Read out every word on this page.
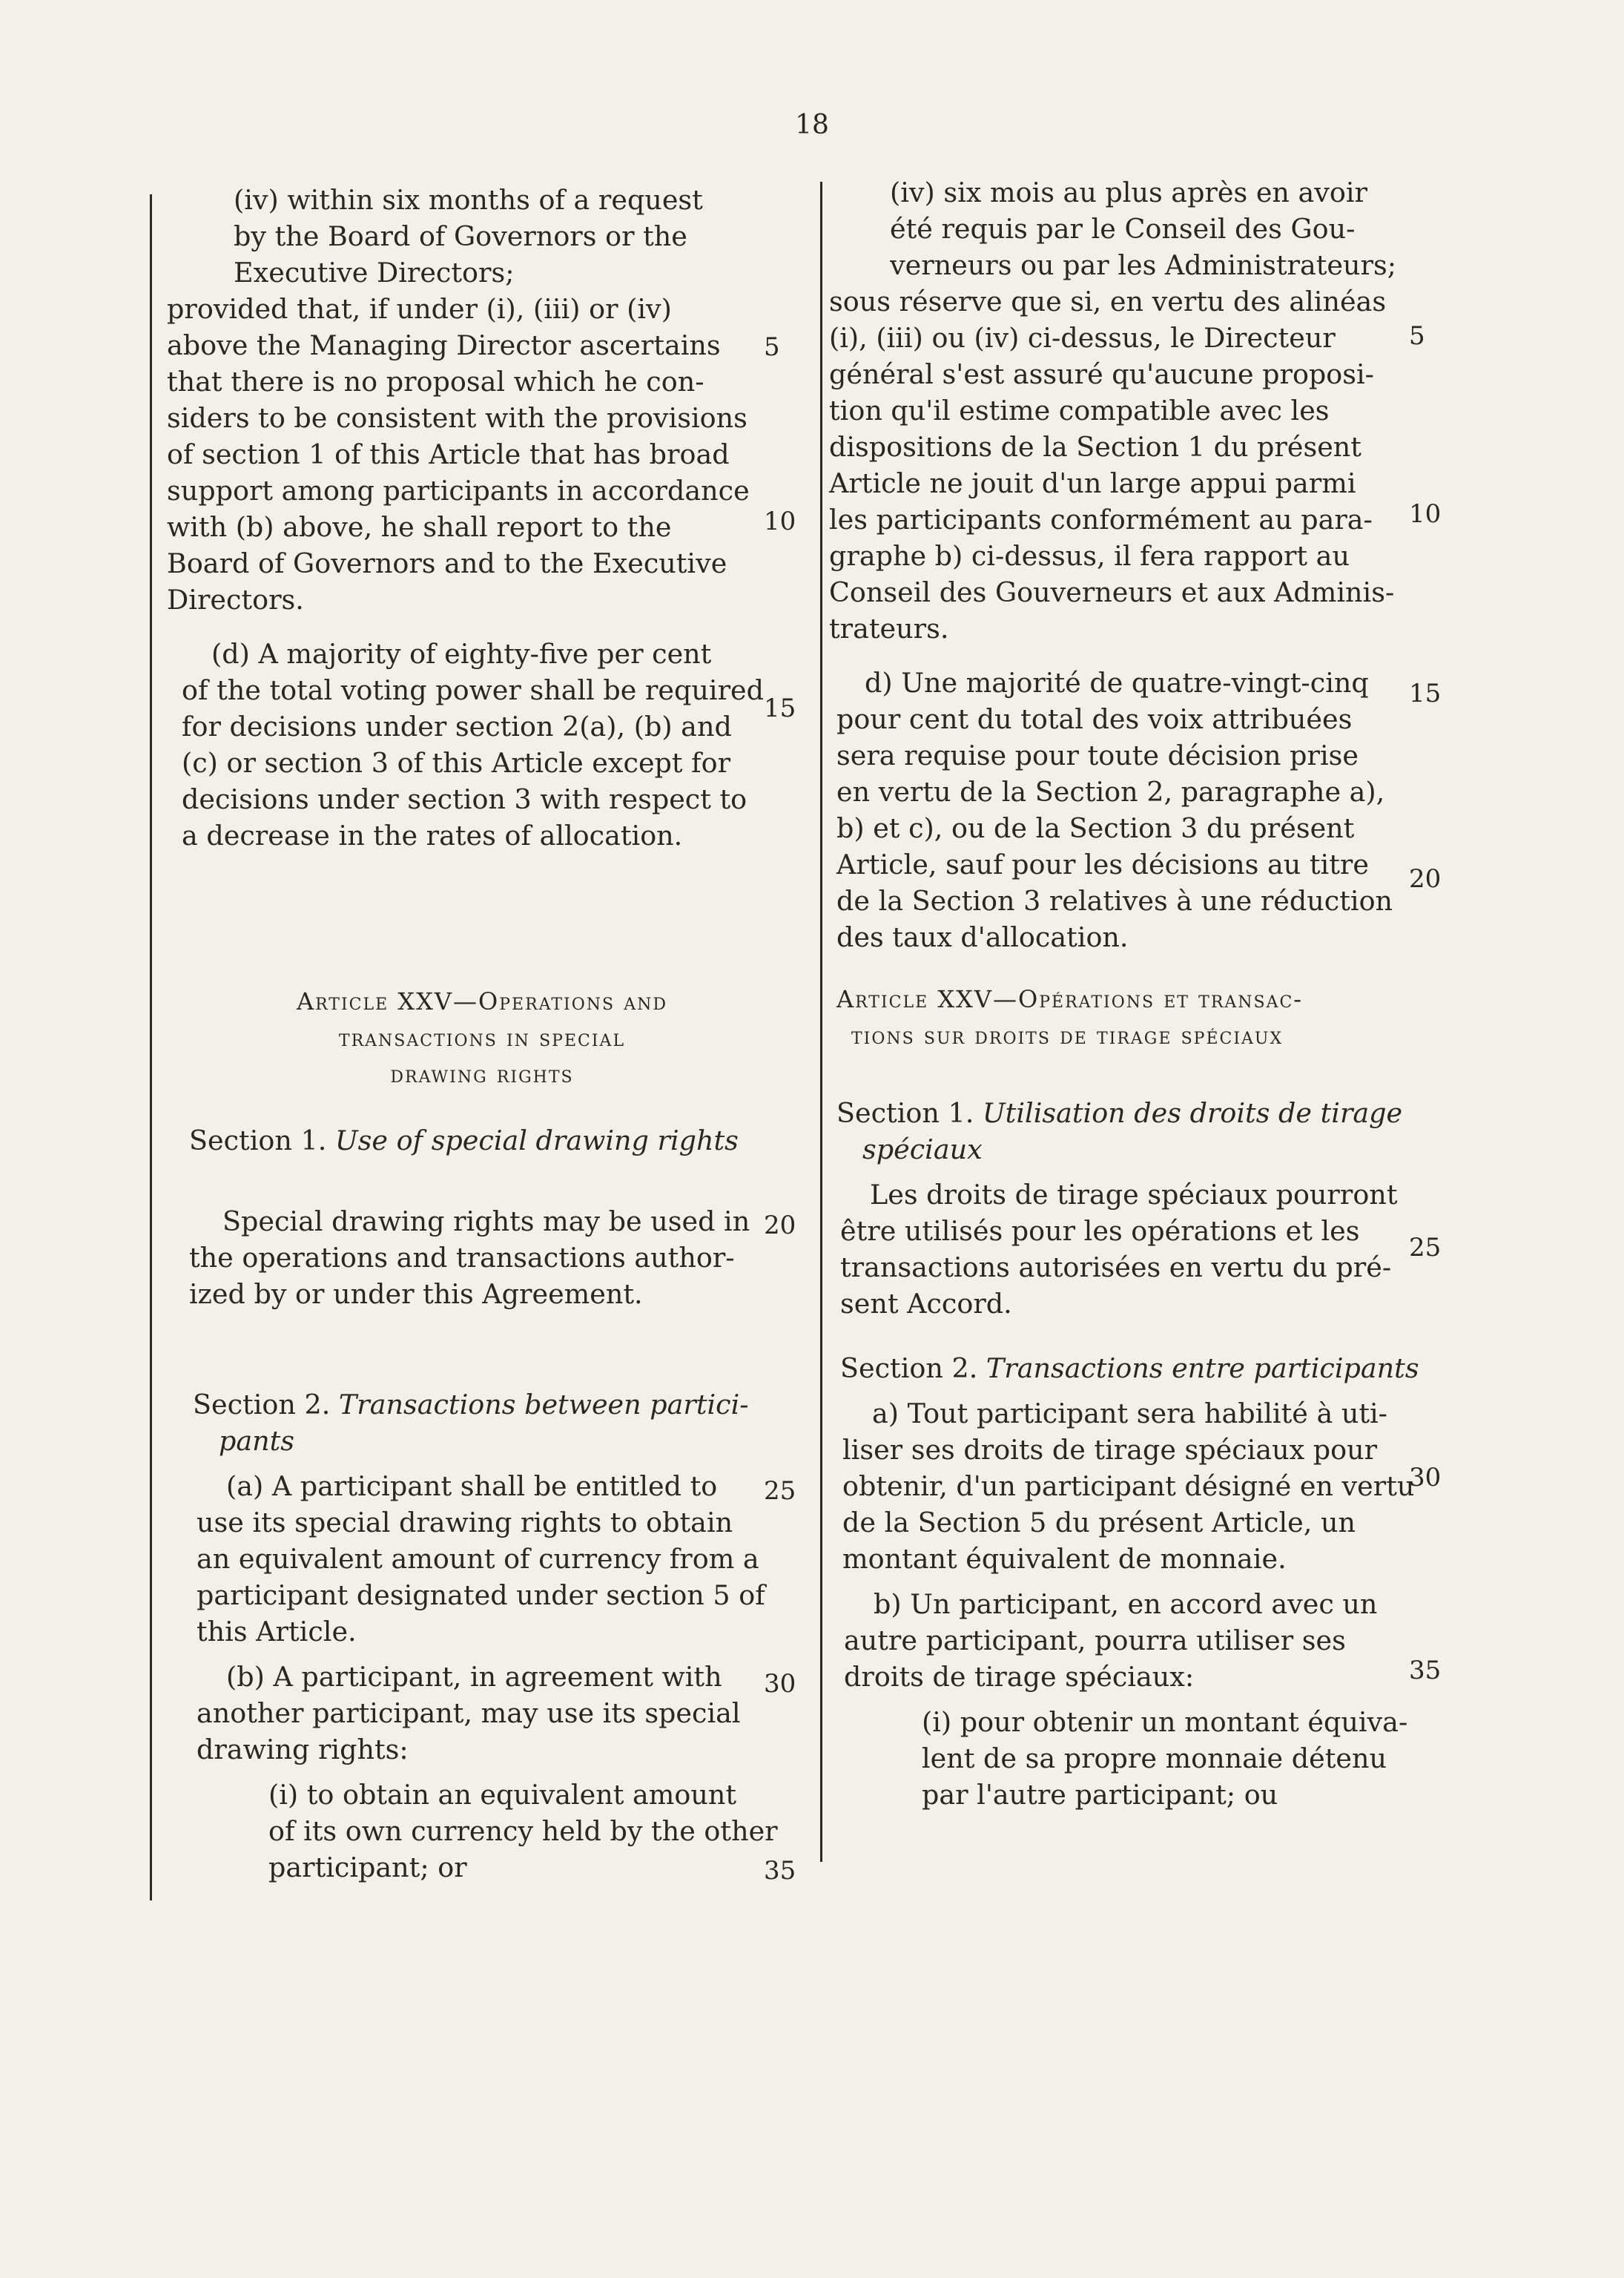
18

(iv) within six months of a request

by the Board of Governors or the

Executive Directors;

provided that, if under (i), (iii) or (iv)

above the Managing Director ascertains

that there is no proposal which he con-

siders to be consistent with the provisions

of section 1 of this Article that has broad

support among participants in accordance

with (b) above, he shall report to the

Board of Governors and to the Executive

Directors.

(d) A majority of eighty-five per cent

of the total voting power shall be required

for decisions under section 2(a), (b) and

(c) or section 3 of this Article except for

decisions under section 3 with respect to

a decrease in the rates of allocation.

Article XXV—Operations and

transactions in special

drawing rights

Section 1. Use of special drawing rights

Special drawing rights may be used in

the operations and transactions author-

ized by or under this Agreement.

Section 2. Transactions between partici-

pants

(a) A participant shall be entitled to

use its special drawing rights to obtain

an equivalent amount of currency from a

participant designated under section 5 of

this Article.

(b) A participant, in agreement with

another participant, may use its special

drawing rights:

(i) to obtain an equivalent amount

of its own currency held by the other

participant; or

5
10
15
20
25
30
35

(iv) six mois au plus après en avoir

été requis par le Conseil des Gou-

verneurs ou par les Administrateurs;

sous réserve que si, en vertu des alinéas

(i), (iii) ou (iv) ci-dessus, le Directeur

général s'est assuré qu'aucune proposi-

tion qu'il estime compatible avec les

dispositions de la Section 1 du présent

Article ne jouit d'un large appui parmi

les participants conformément au para-

graphe b) ci-dessus, il fera rapport au

Conseil des Gouverneurs et aux Adminis-

trateurs.

d) Une majorité de quatre-vingt-cinq

pour cent du total des voix attribuées

sera requise pour toute décision prise

en vertu de la Section 2, paragraphe a),

b) et c), ou de la Section 3 du présent

Article, sauf pour les décisions au titre

de la Section 3 relatives à une réduction

des taux d'allocation.

Article XXV—Opérations et transac-

tions sur droits de tirage spéciaux

Section 1. Utilisation des droits de tirage

spéciaux

Les droits de tirage spéciaux pourront

être utilisés pour les opérations et les

transactions autorisées en vertu du pré-

sent Accord.

Section 2. Transactions entre participants

a) Tout participant sera habilité à uti-

liser ses droits de tirage spéciaux pour

obtenir, d'un participant désigné en vertu

de la Section 5 du présent Article, un

montant équivalent de monnaie.

b) Un participant, en accord avec un

autre participant, pourra utiliser ses

droits de tirage spéciaux:

(i) pour obtenir un montant équiva-

lent de sa propre monnaie détenu

par l'autre participant; ou

5
10
15
20
25
30
35
